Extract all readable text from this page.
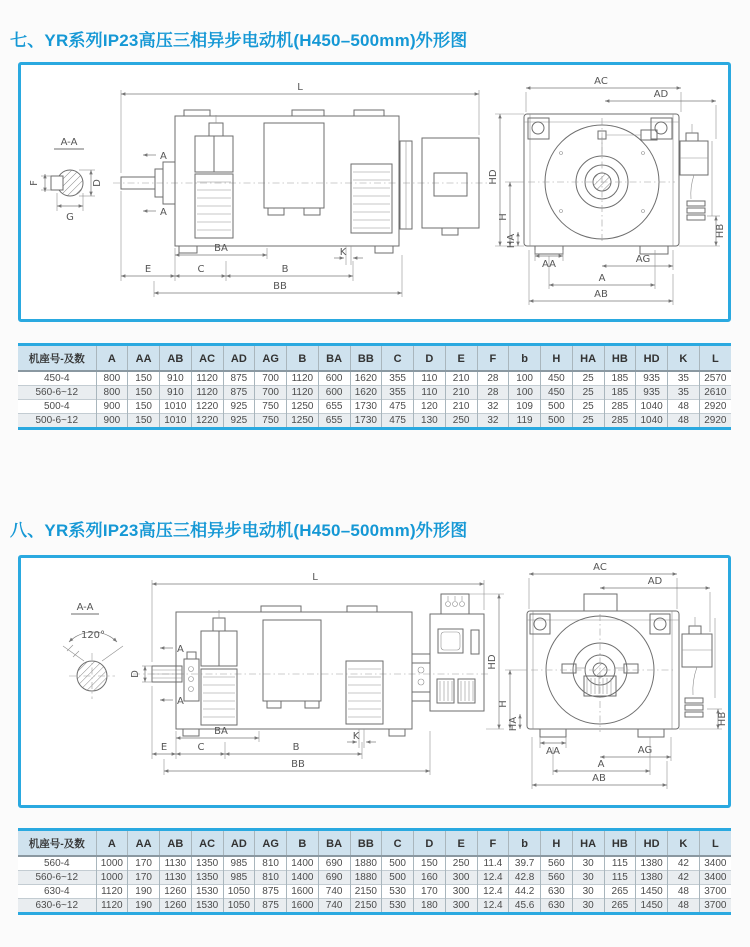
七、YR系列IP23高压三相异步电动机(H450–500mm)外形图
A-A
F	D
G
A
A
L
BA
E	C	B
BB
K
HD
AC
AD
H
HA
AA	AG
A
AB
HB
机座号-及数	A	AA	AB	AC	AD	AG	B	BA	BB	C	D	E	F	b	H	HA	HB	HD	K	L
450-4	800	150	910	1120	875	700	1120	600	1620	355	110	210	28	100	450	25	185	935	35	2570
560-6~12	800	150	910	1120	875	700	1120	600	1620	355	110	210	28	100	450	25	185	935	35	2610
500-4	900	150	1010	1220	925	750	1250	655	1730	475	120	210	32	109	500	25	285	1040	48	2920
500-6~12	900	150	1010	1220	925	750	1250	655	1730	475	130	250	32	119	500	25	285	1040	48	2920
八、YR系列IP23高压三相异步电动机(H450–500mm)外形图
A-A
120°
D
A
A
L
BA
E	C	B
BB
K
HD
AC
AD
H
HA
AA	AG
A
AB
HB
机座号-及数	A	AA	AB	AC	AD	AG	B	BA	BB	C	D	E	F	b	H	HA	HB	HD	K	L
560-4	1000	170	1130	1350	985	810	1400	690	1880	500	150	250	11.4	39.7	560	30	115	1380	42	3400
560-6~12	1000	170	1130	1350	985	810	1400	690	1880	500	160	300	12.4	42.8	560	30	115	1380	42	3400
630-4	1120	190	1260	1530	1050	875	1600	740	2150	530	170	300	12.4	44.2	630	30	265	1450	48	3700
630-6~12	1120	190	1260	1530	1050	875	1600	740	2150	530	180	300	12.4	45.6	630	30	265	1450	48	3700
